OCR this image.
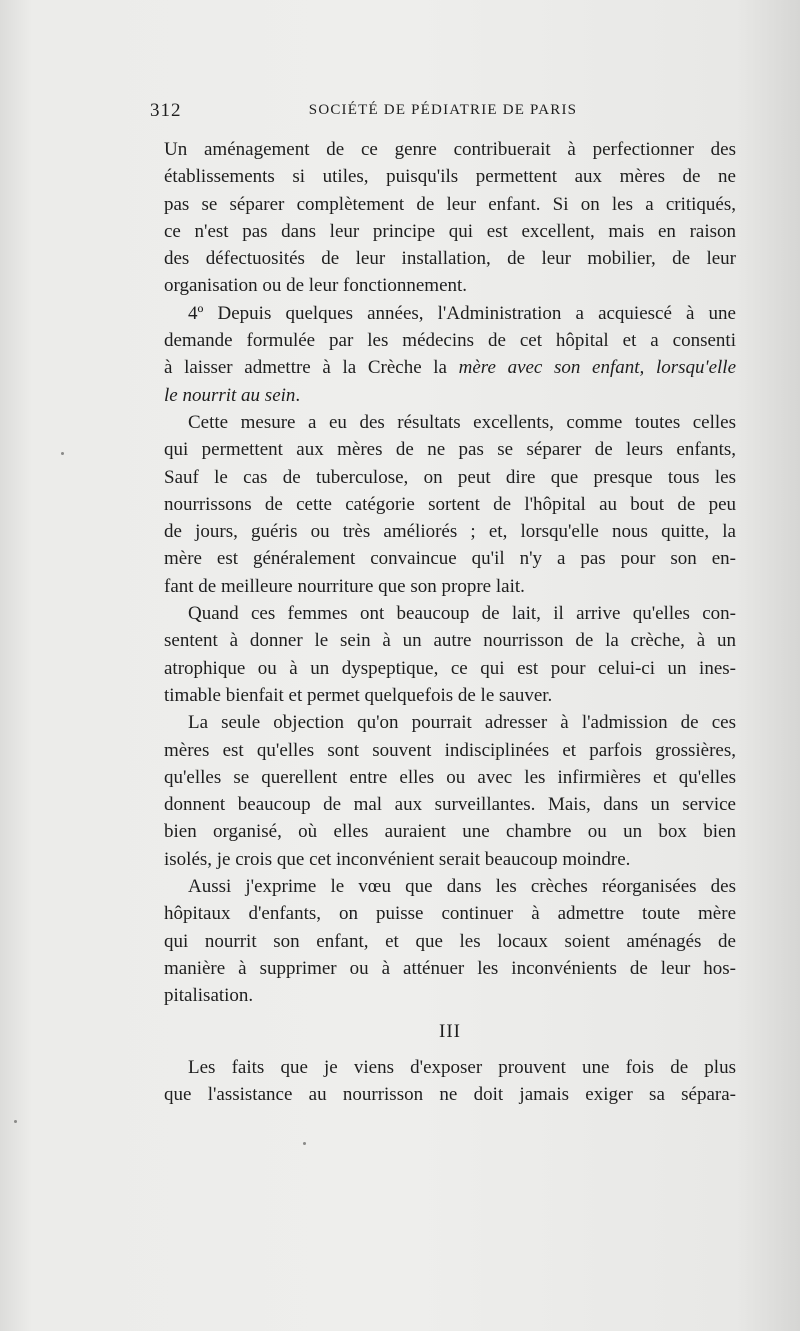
312	SOCIÉTÉ DE PÉDIATRIE DE PARIS
Un aménagement de ce genre contribuerait à perfectionner des
établissements si utiles, puisqu'ils permettent aux mères de ne
pas se séparer complètement de leur enfant. Si on les a critiqués,
ce n'est pas dans leur principe qui est excellent, mais en raison
des défectuosités de leur installation, de leur mobilier, de leur
organisation ou de leur fonctionnement.
4º Depuis quelques années, l'Administration a acquiescé à une
demande formulée par les médecins de cet hôpital et a consenti
à laisser admettre à la Crèche la mère avec son enfant, lorsqu'elle
le nourrit au sein.
Cette mesure a eu des résultats excellents, comme toutes celles
qui permettent aux mères de ne pas se séparer de leurs enfants,
Sauf le cas de tuberculose, on peut dire que presque tous les
nourrissons de cette catégorie sortent de l'hôpital au bout de peu
de jours, guéris ou très améliorés ; et, lorsqu'elle nous quitte, la
mère est généralement convaincue qu'il n'y a pas pour son en-
fant de meilleure nourriture que son propre lait.
Quand ces femmes ont beaucoup de lait, il arrive qu'elles con-
sentent à donner le sein à un autre nourrisson de la crèche, à un
atrophique ou à un dyspeptique, ce qui est pour celui-ci un ines-
timable bienfait et permet quelquefois de le sauver.
La seule objection qu'on pourrait adresser à l'admission de ces
mères est qu'elles sont souvent indisciplinées et parfois grossières,
qu'elles se querellent entre elles ou avec les infirmières et qu'elles
donnent beaucoup de mal aux surveillantes. Mais, dans un service
bien organisé, où elles auraient une chambre ou un box bien
isolés, je crois que cet inconvénient serait beaucoup moindre.
Aussi j'exprime le vœu que dans les crèches réorganisées des
hôpitaux d'enfants, on puisse continuer à admettre toute mère
qui nourrit son enfant, et que les locaux soient aménagés de
manière à supprimer ou à atténuer les inconvénients de leur hos-
pitalisation.
III
Les faits que je viens d'exposer prouvent une fois de plus
que l'assistance au nourrisson ne doit jamais exiger sa sépara-
